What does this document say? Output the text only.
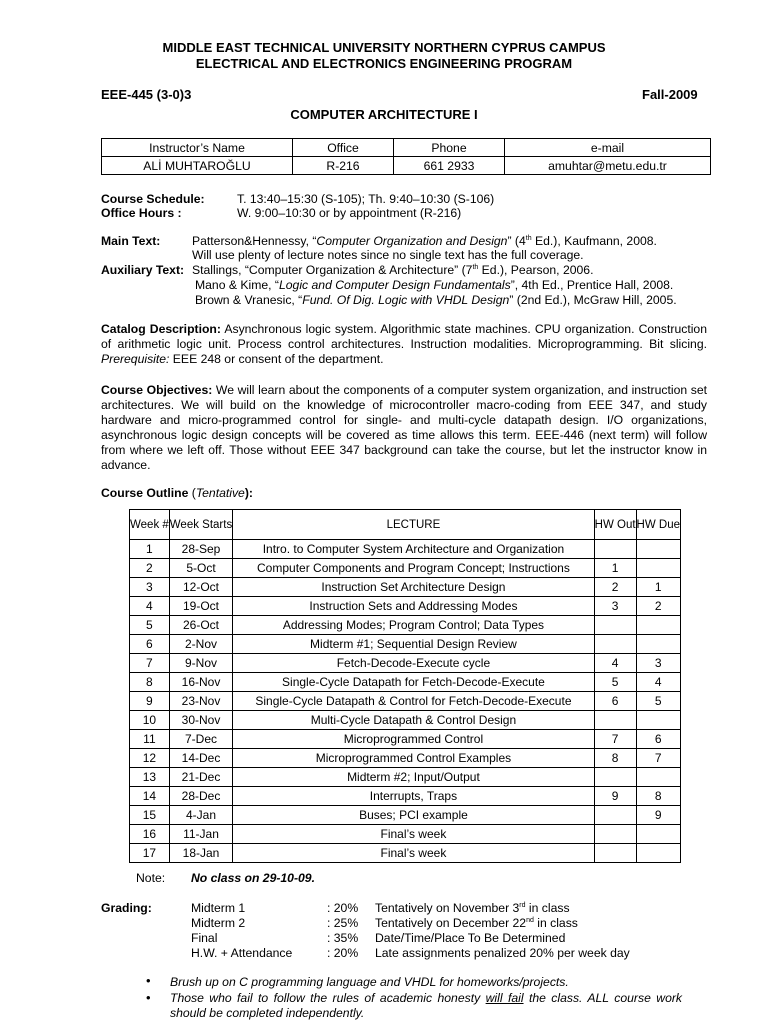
MIDDLE EAST TECHNICAL UNIVERSITY NORTHERN CYPRUS CAMPUS
ELECTRICAL AND ELECTRONICS ENGINEERING PROGRAM
EEE-445 (3-0)3	Fall-2009
COMPUTER ARCHITECTURE I
Instructor’s Name	Office	Phone	e-mail
ALİ MUHTAROĞLU	R-216	661 2933	amuhtar@metu.edu.tr
Course Schedule:	T. 13:40–15:30 (S-105); Th. 9:40–10:30 (S-106)
Office Hours :	W. 9:00–10:30 or by appointment (R-216)
Main Text:	Patterson&Hennessy, “Computer Organization and Design” (4th Ed.), Kaufmann, 2008.
Will use plenty of lecture notes since no single text has the full coverage.
Auxiliary Text: Stallings, “Computer Organization & Architecture” (7th Ed.), Pearson, 2006.
Mano & Kime, “Logic and Computer Design Fundamentals”, 4th Ed., Prentice Hall, 2008.
Brown & Vranesic, “Fund. Of Dig. Logic with VHDL Design” (2nd Ed.), McGraw Hill, 2005.
Catalog Description: Asynchronous logic system. Algorithmic state machines. CPU organization. Construction of arithmetic logic unit. Process control architectures. Instruction modalities. Microprogramming. Bit slicing. Prerequisite: EEE 248 or consent of the department.
Course Objectives: We will learn about the components of a computer system organization, and instruction set architectures. We will build on the knowledge of microcontroller macro-coding from EEE 347, and study hardware and micro-programmed control for single- and multi-cycle datapath design. I/O organizations, asynchronous logic design concepts will be covered as time allows this term. EEE-446 (next term) will follow from where we left off. Those without EEE 347 background can take the course, but let the instructor know in advance.
Course Outline (Tentative):
Week #	Week Starts	LECTURE	HW Out	HW Due
1	28-Sep	Intro. to Computer System Architecture and Organization		
2	5-Oct	Computer Components and Program Concept; Instructions	1	
3	12-Oct	Instruction Set Architecture Design	2	1
4	19-Oct	Instruction Sets and Addressing Modes	3	2
5	26-Oct	Addressing Modes; Program Control; Data Types		
6	2-Nov	Midterm #1; Sequential Design Review		
7	9-Nov	Fetch-Decode-Execute cycle	4	3
8	16-Nov	Single-Cycle Datapath for Fetch-Decode-Execute	5	4
9	23-Nov	Single-Cycle Datapath & Control for Fetch-Decode-Execute	6	5
10	30-Nov	Multi-Cycle Datapath & Control Design		
11	7-Dec	Microprogrammed Control	7	6
12	14-Dec	Microprogrammed Control Examples	8	7
13	21-Dec	Midterm #2; Input/Output		
14	28-Dec	Interrupts, Traps	9	8
15	4-Jan	Buses; PCI example		9
16	11-Jan	Final’s week		
17	18-Jan	Final’s week		
Note: No class on 29-10-09.
Grading:	Midterm 1	: 20% Tentatively on November 3rd in class
Midterm 2	: 25% Tentatively on December 22nd in class
Final	: 35% Date/Time/Place To Be Determined
H.W. + Attendance	: 20% Late assignments penalized 20% per week day
• Brush up on C programming language and VHDL for homeworks/projects.
• Those who fail to follow the rules of academic honesty will fail the class. ALL course work should be completed independently.
